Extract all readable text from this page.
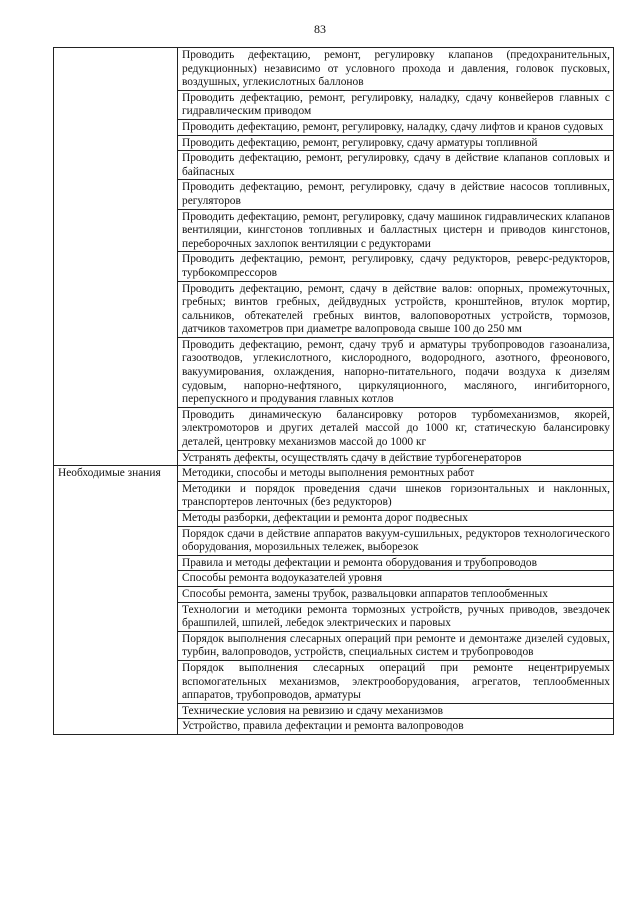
83
	Проводить дефектацию, ремонт, регулировку клапанов (предохранительных, редукционных) независимо от условного прохода и давления, головок пусковых, воздушных, углекислотных баллонов
	Проводить дефектацию, ремонт, регулировку, наладку, сдачу конвейеров главных с гидравлическим приводом
	Проводить дефектацию, ремонт, регулировку, наладку, сдачу лифтов и кранов судовых
	Проводить дефектацию, ремонт, регулировку, сдачу арматуры топливной
	Проводить дефектацию, ремонт, регулировку, сдачу в действие клапанов сопловых и байпасных
	Проводить дефектацию, ремонт, регулировку, сдачу в действие насосов топливных, регуляторов
	Проводить дефектацию, ремонт, регулировку, сдачу машинок гидравлических клапанов вентиляции, кингстонов топливных и балластных цистерн и приводов кингстонов, переборочных захлопок вентиляции с редукторами
	Проводить дефектацию, ремонт, регулировку, сдачу редукторов, реверс-редукторов, турбокомпрессоров
	Проводить дефектацию, ремонт, сдачу в действие валов: опорных, промежуточных, гребных; винтов гребных, дейдвудных устройств, кронштейнов, втулок мортир, сальников, обтекателей гребных винтов, валоповоротных устройств, тормозов, датчиков тахометров при диаметре валопровода свыше 100 до 250 мм
	Проводить дефектацию, ремонт, сдачу труб и арматуры трубопроводов газоанализа, газоотводов, углекислотного, кислородного, водородного, азотного, фреонового, вакуумирования, охлаждения, напорно-питательного, подачи воздуха к дизелям судовым, напорно-нефтяного, циркуляционного, масляного, ингибиторного, перепускного и продувания главных котлов
	Проводить динамическую балансировку роторов турбомеханизмов, якорей, электромоторов и других деталей массой до 1000 кг, статическую балансировку деталей, центровку механизмов массой до 1000 кг
	Устранять дефекты, осуществлять сдачу в действие турбогенераторов
Необходимые знания	Методики, способы и методы выполнения ремонтных работ
	Методики и порядок проведения сдачи шнеков горизонтальных и наклонных, транспортеров ленточных (без редукторов)
	Методы разборки, дефектации и ремонта дорог подвесных
	Порядок сдачи в действие аппаратов вакуум-сушильных, редукторов технологического оборудования, морозильных тележек, выборезок
	Правила и методы дефектации и ремонта оборудования и трубопроводов
	Способы ремонта водоуказателей уровня
	Способы ремонта, замены трубок, развальцовки аппаратов теплообменных
	Технологии и методики ремонта тормозных устройств, ручных приводов, звездочек брашпилей, шпилей, лебедок электрических и паровых
	Порядок выполнения слесарных операций при ремонте и демонтаже дизелей судовых, турбин, валопроводов, устройств, специальных систем и трубопроводов
	Порядок выполнения слесарных операций при ремонте нецентрируемых вспомогательных механизмов, электрооборудования, агрегатов, теплообменных аппаратов, трубопроводов, арматуры
	Технические условия на ревизию и сдачу механизмов
	Устройство, правила дефектации и ремонта валопроводов
